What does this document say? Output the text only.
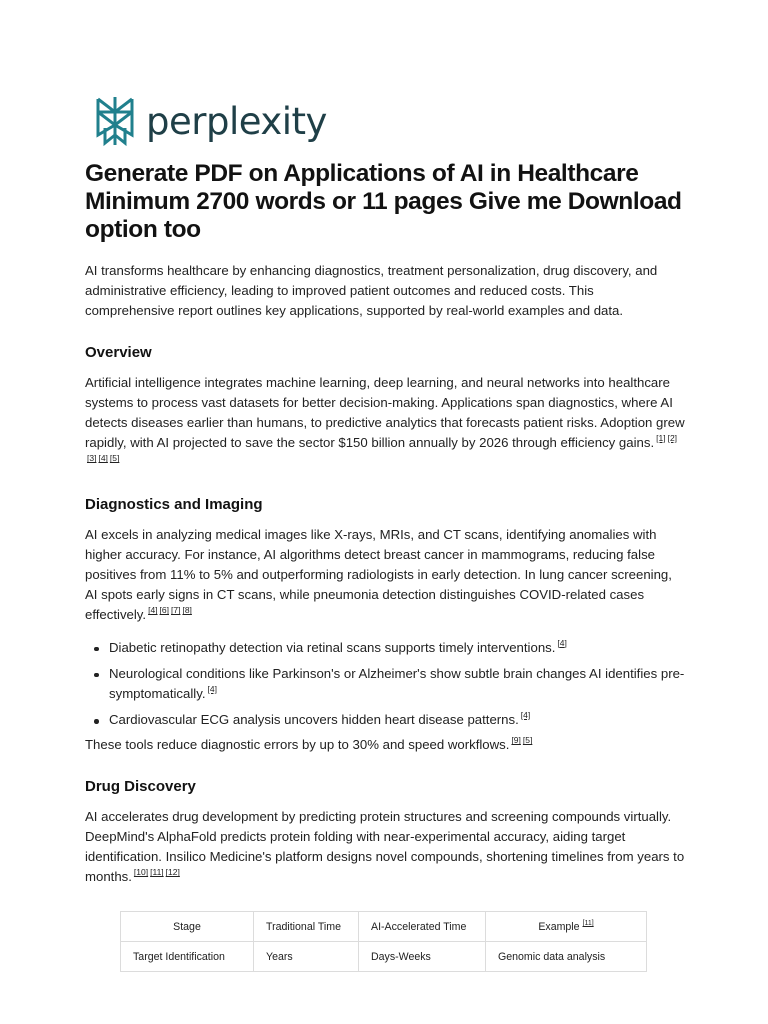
perplexity
Generate PDF on Applications of AI in Healthcare Minimum 2700 words or 11 pages Give me Download option too

AI transforms healthcare by enhancing diagnostics, treatment personalization, drug discovery, and administrative efficiency, leading to improved patient outcomes and reduced costs. This comprehensive report outlines key applications, supported by real-world examples and data.

Overview

Artificial intelligence integrates machine learning, deep learning, and neural networks into healthcare systems to process vast datasets for better decision-making. Applications span diagnostics, where AI detects diseases earlier than humans, to predictive analytics that forecasts patient risks. Adoption grew rapidly, with AI projected to save the sector $150 billion annually by 2026 through efficiency gains. [1] [2][3] [4] [5]

Diagnostics and Imaging

AI excels in analyzing medical images like X-rays, MRIs, and CT scans, identifying anomalies with higher accuracy. For instance, AI algorithms detect breast cancer in mammograms, reducing false positives from 11% to 5% and outperforming radiologists in early detection. In lung cancer screening, AI spots early signs in CT scans, while pneumonia detection distinguishes COVID-related cases effectively. [4] [6] [7] [8]

Diabetic retinopathy detection via retinal scans supports timely interventions. [4]
Neurological conditions like Parkinson's or Alzheimer's show subtle brain changes AI identifies pre-symptomatically. [4]
Cardiovascular ECG analysis uncovers hidden heart disease patterns. [4]

These tools reduce diagnostic errors by up to 30% and speed workflows. [9] [5]

Drug Discovery

AI accelerates drug development by predicting protein structures and screening compounds virtually. DeepMind's AlphaFold predicts protein folding with near-experimental accuracy, aiding target identification. Insilico Medicine's platform designs novel compounds, shortening timelines from years to months. [10] [11] [12]

Stage	Traditional Time	AI-Accelerated Time	Example [11]
Target Identification	Years	Days-Weeks	Genomic data analysis
